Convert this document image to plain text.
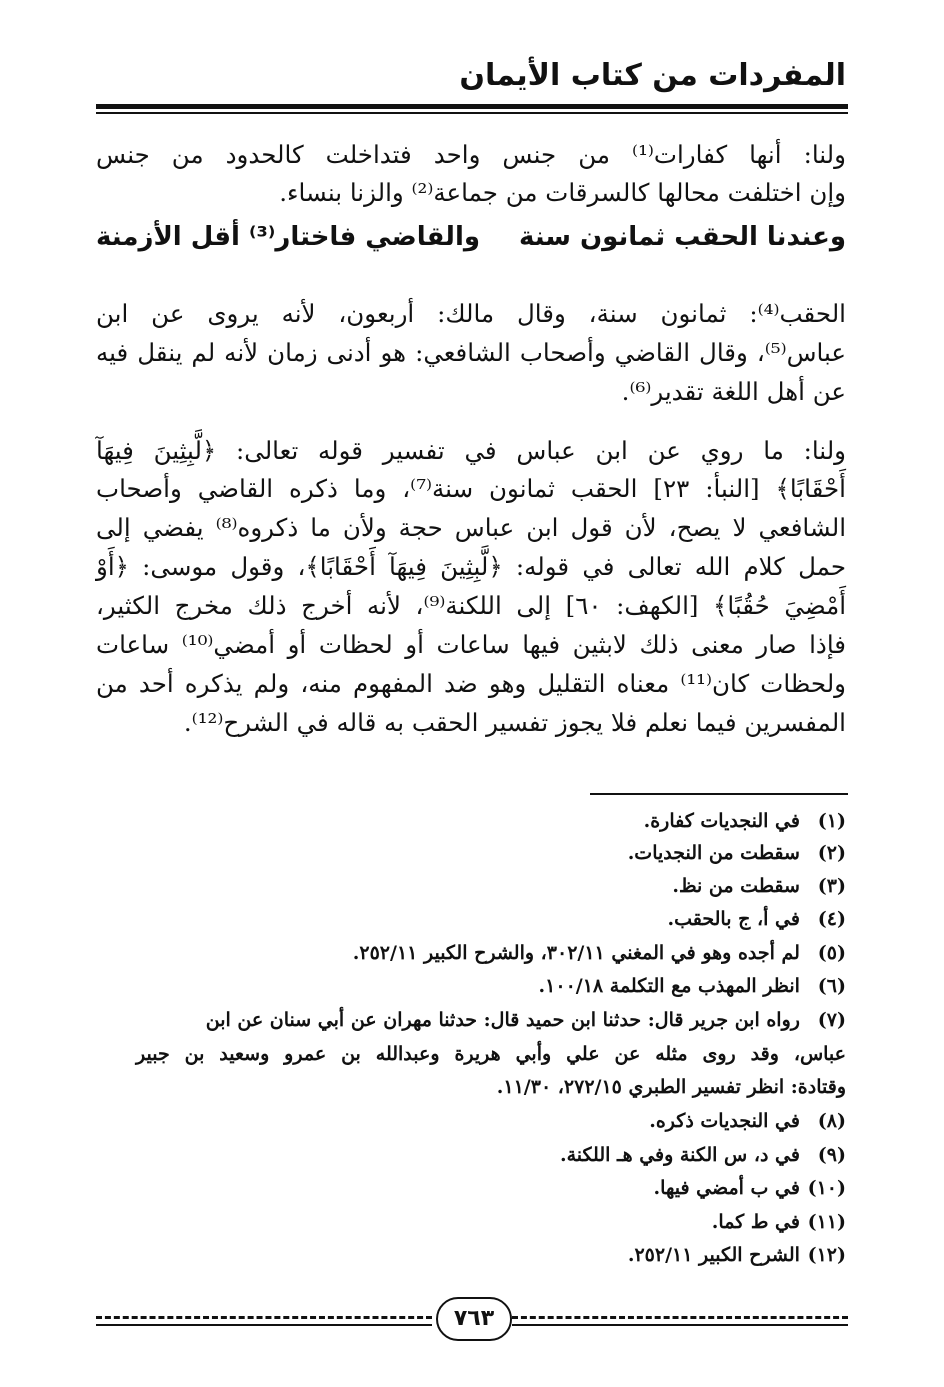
المفردات من كتاب الأيمان
ولنا: أنها كفارات⁽¹⁾ من جنس واحد فتداخلت كالحدود من جنس
وإن اختلفت محالها كالسرقات من جماعة⁽²⁾ والزنا بنساء.
وعندنا الحقب ثمانون سنة
والقاضي فاختار⁽³⁾ أقل الأزمنة
الحقب⁽⁴⁾: ثمانون سنة، وقال مالك: أربعون، لأنه يروى عن ابن
عباس⁽⁵⁾، وقال القاضي وأصحاب الشافعي: هو أدنى زمان لأنه لم ينقل فيه
عن أهل اللغة تقدير⁽⁶⁾.
ولنا: ما روي عن ابن عباس في تفسير قوله تعالى: ﴿لَّبِثِينَ فِيهَآ
أَحْقَابًا﴾ [النبأ: ٢٣] الحقب ثمانون سنة⁽⁷⁾، وما ذكره القاضي وأصحاب
الشافعي لا يصح، لأن قول ابن عباس حجة ولأن ما ذكروه⁽⁸⁾ يفضي إلى
حمل كلام الله تعالى في قوله: ﴿لَّبِثِينَ فِيهَآ أَحْقَابًا﴾، وقول موسى: ﴿أَوْ
أَمْضِيَ حُقُبًا﴾ [الكهف: ٦٠] إلى اللكنة⁽⁹⁾، لأنه أخرج ذلك مخرج الكثير،
فإذا صار معنى ذلك لابثين فيها ساعات أو لحظات أو أمضي⁽¹⁰⁾ ساعات
ولحظات كان⁽¹¹⁾ معناه التقليل وهو ضد المفهوم منه، ولم يذكره أحد من
المفسرين فيما نعلم فلا يجوز تفسير الحقب به قاله في الشرح⁽¹²⁾.
(١) في النجديات كفارة.
(٢) سقطت من النجديات.
(٣) سقطت من نظ.
(٤) في أ، ج بالحقب.
(٥) لم أجده وهو في المغني ٣٠٢/١١، والشرح الكبير ٢٥٢/١١.
(٦) انظر المهذب مع التكلمة ١٠٠/١٨.
(٧) رواه ابن جرير قال: حدثنا ابن حميد قال: حدثنا مهران عن أبي سنان عن ابن
عباس، وقد روى مثله عن علي وأبي هريرة وعبدالله بن عمرو وسعيد بن جبير
وقتادة: انظر تفسير الطبري ٢٧٢/١٥، ١١/٣٠.
(٨) في النجديات ذكره.
(٩) في د، س الكنة وفي هـ اللكنة.
(١٠) في ب أمضي فيها.
(١١) في ط كما.
(١٢) الشرح الكبير ٢٥٢/١١.
٧٦٣
